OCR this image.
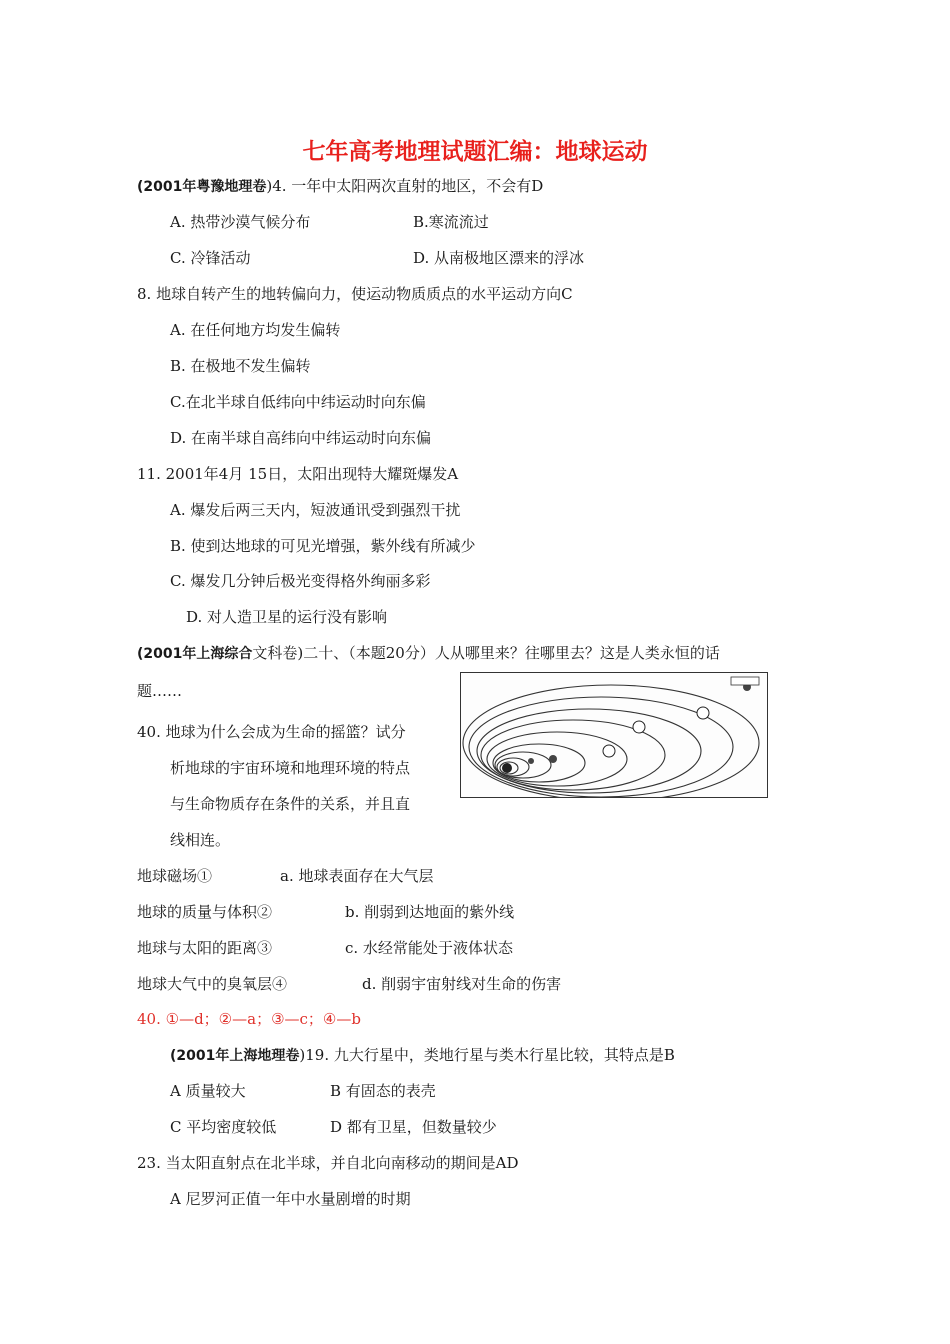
七年高考地理试题汇编：地球运动
(2001年粤豫地理卷)4. 一年中太阳两次直射的地区，不会有D
A. 热带沙漠气候分布	B.寒流流过
C. 冷锋活动	D. 从南极地区漂来的浮冰
8. 地球自转产生的地转偏向力，使运动物质质点的水平运动方向C
A. 在任何地方均发生偏转
B. 在极地不发生偏转
C.在北半球自低纬向中纬运动时向东偏
D. 在南半球自高纬向中纬运动时向东偏
11. 2001年4月 15日，太阳出现特大耀斑爆发A
A. 爆发后两三天内，短波通讯受到强烈干扰
B. 使到达地球的可见光增强，紫外线有所减少
C. 爆发几分钟后极光变得格外绚丽多彩
D. 对人造卫星的运行没有影响
(2001年上海综合文科卷)二十、（本题20分）人从哪里来？往哪里去？这是人类永恒的话
题……
40. 地球为什么会成为生命的摇篮？试分
析地球的宇宙环境和地理环境的特点
与生命物质存在条件的关系，并且直
线相连。
地球磁场①	a. 地球表面存在大气层
地球的质量与体积②	b. 削弱到达地面的紫外线
地球与太阳的距离③	c. 水经常能处于液体状态
地球大气中的臭氧层④	d. 削弱宇宙射线对生命的伤害
40. ①—d；②—a；③—c；④—b
(2001年上海地理卷)19. 九大行星中，类地行星与类木行星比较，其特点是B
A 质量较大	B 有固态的表壳
C 平均密度较低	D 都有卫星，但数量较少
23. 当太阳直射点在北半球，并自北向南移动的期间是AD
A 尼罗河正值一年中水量剧增的时期
